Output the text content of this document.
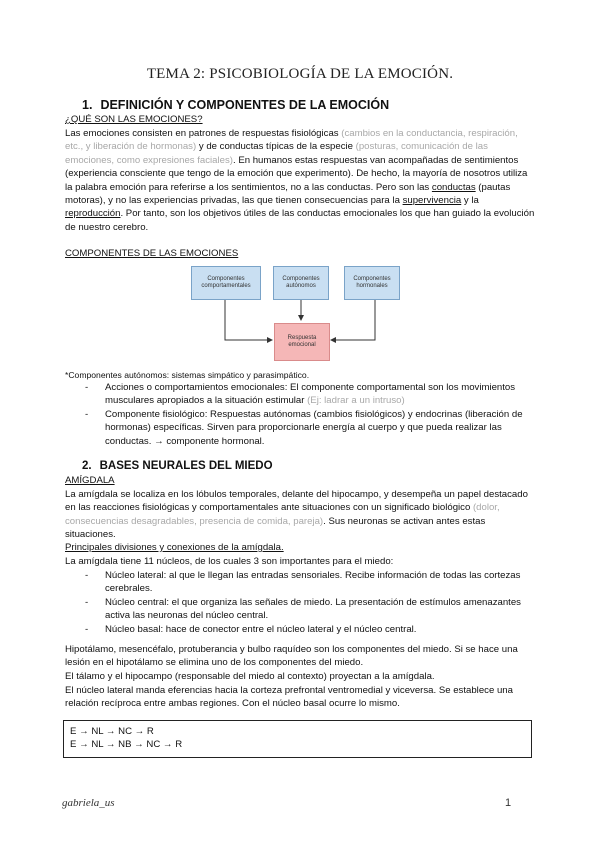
TEMA 2: PSICOBIOLOGÍA DE LA EMOCIÓN.
1. DEFINICIÓN Y COMPONENTES DE LA EMOCIÓN
¿QUÉ SON LAS EMOCIONES?
Las emociones consisten en patrones de respuestas fisiológicas (cambios en la conductancia, respiración, etc., y liberación de hormonas) y de conductas típicas de la especie (posturas, comunicación de las emociones, como expresiones faciales). En humanos estas respuestas van acompañadas de sentimientos (experiencia consciente que tengo de la emoción que experimento). De hecho, la mayoría de nosotros utiliza la palabra emoción para referirse a los sentimientos, no a las conductas. Pero son las conductas (pautas motoras), y no las experiencias privadas, las que tienen consecuencias para la supervivencia y la reproducción. Por tanto, son los objetivos útiles de las conductas emocionales los que han guiado la evolución de nuestro cerebro.
COMPONENTES DE LAS EMOCIONES
Componentes comportamentales
Componentes autónomos
Componentes hormonales
Respuesta emocional
*Componentes autónomos: sistemas simpático y parasimpático.
- Acciones o comportamientos emocionales: El componente comportamental son los movimientos musculares apropiados a la situación estimular (Ej: ladrar a un intruso)
- Componente fisiológico: Respuestas autónomas (cambios fisiológicos) y endocrinas (liberación de hormonas) específicas. Sirven para proporcionarle energía al cuerpo y que pueda realizar las conductas. → componente hormonal.
2. BASES NEURALES DEL MIEDO
AMÍGDALA
La amígdala se localiza en los lóbulos temporales, delante del hipocampo, y desempeña un papel destacado en las reacciones fisiológicas y comportamentales ante situaciones con un significado biológico (dolor, consecuencias desagradables, presencia de comida, pareja). Sus neuronas se activan antes estas situaciones.
Principales divisiones y conexiones de la amígdala.
La amígdala tiene 11 núcleos, de los cuales 3 son importantes para el miedo:
- Núcleo lateral: al que le llegan las entradas sensoriales. Recibe información de todas las cortezas cerebrales.
- Núcleo central: el que organiza las señales de miedo. La presentación de estímulos amenazantes activa las neuronas del núcleo central.
- Núcleo basal: hace de conector entre el núcleo lateral y el núcleo central.
Hipotálamo, mesencéfalo, protuberancia y bulbo raquídeo son los componentes del miedo. Si se hace una lesión en el hipotálamo se elimina uno de los componentes del miedo.
El tálamo y el hipocampo (responsable del miedo al contexto) proyectan a la amígdala.
El núcleo lateral manda eferencias hacia la corteza prefrontal ventromedial y viceversa. Se establece una relación recíproca entre ambas regiones. Con el núcleo basal ocurre lo mismo.
E → NL → NC → R
E → NL → NB → NC → R
gabriela_us	1
